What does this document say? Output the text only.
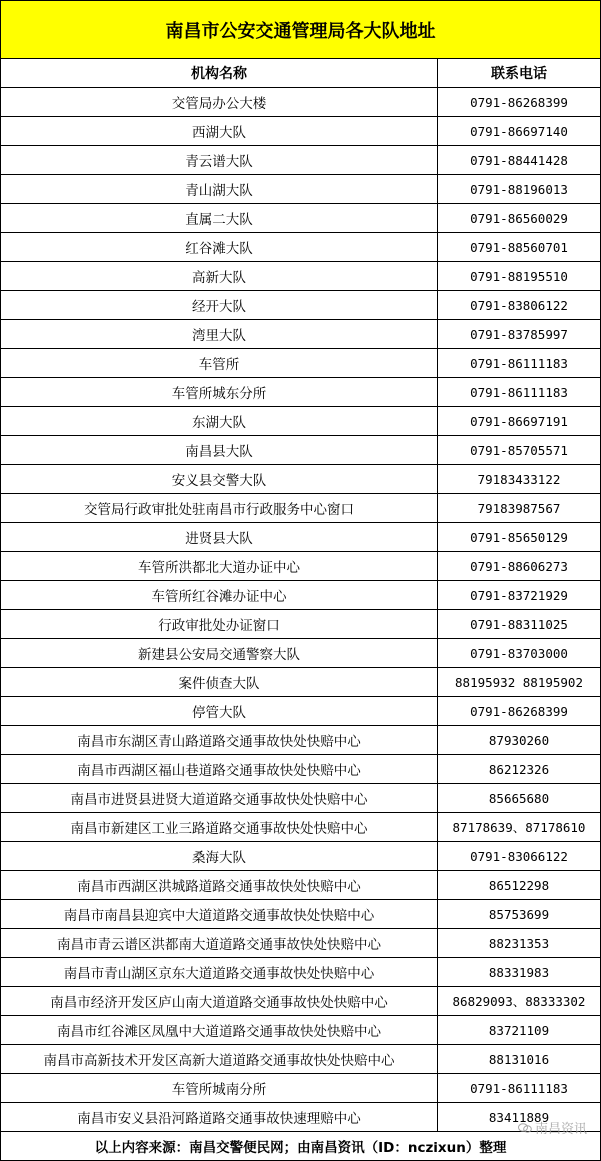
南昌市公安交通管理局各大队地址
机构名称	联系电话
交管局办公大楼	0791-86268399
西湖大队	0791-86697140
青云谱大队	0791-88441428
青山湖大队	0791-88196013
直属二大队	0791-86560029
红谷滩大队	0791-88560701
高新大队	0791-88195510
经开大队	0791-83806122
湾里大队	0791-83785997
车管所	0791-86111183
车管所城东分所	0791-86111183
东湖大队	0791-86697191
南昌县大队	0791-85705571
安义县交警大队	79183433122
交管局行政审批处驻南昌市行政服务中心窗口	79183987567
进贤县大队	0791-85650129
车管所洪都北大道办证中心	0791-88606273
车管所红谷滩办证中心	0791-83721929
行政审批处办证窗口	0791-88311025
新建县公安局交通警察大队	0791-83703000
案件侦查大队	88195932 88195902
停管大队	0791-86268399
南昌市东湖区青山路道路交通事故快处快赔中心	87930260
南昌市西湖区福山巷道路交通事故快处快赔中心	86212326
南昌市进贤县进贤大道道路交通事故快处快赔中心	85665680
南昌市新建区工业三路道路交通事故快处快赔中心	87178639、87178610
桑海大队	0791-83066122
南昌市西湖区洪城路道路交通事故快处快赔中心	86512298
南昌市南昌县迎宾中大道道路交通事故快处快赔中心	85753699
南昌市青云谱区洪都南大道道路交通事故快处快赔中心	88231353
南昌市青山湖区京东大道道路交通事故快处快赔中心	88331983
南昌市经济开发区庐山南大道道路交通事故快处快赔中心	86829093、88333302
南昌市红谷滩区凤凰中大道道路交通事故快处快赔中心	83721109
南昌市高新技术开发区高新大道道路交通事故快处快赔中心	88131016
车管所城南分所	0791-86111183
南昌市安义县沿河路道路交通事故快速理赔中心	83411889
以上内容来源：南昌交警便民网；由南昌资讯（ID：nczixun）整理
南昌资讯
